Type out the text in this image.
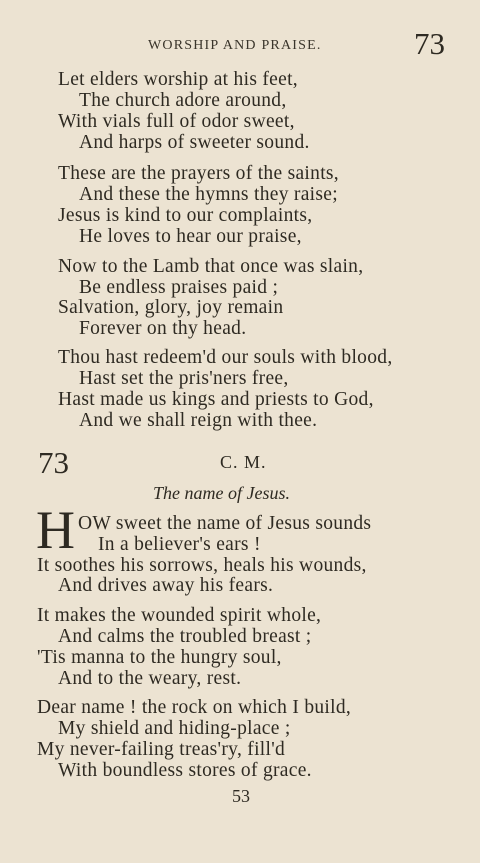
WORSHIP AND PRAISE.	73
Let elders worship at his feet,
The church adore around,
With vials full of odor sweet,
And harps of sweeter sound.
These are the prayers of the saints,
And these the hymns they raise;
Jesus is kind to our complaints,
He loves to hear our praise,
Now to the Lamb that once was slain,
Be endless praises paid ;
Salvation, glory, joy remain
Forever on thy head.
Thou hast redeem'd our souls with blood,
Hast set the pris'ners free,
Hast made us kings and priests to God,
And we shall reign with thee.
73	C. M.
The name of Jesus.
H OW sweet the name of Jesus sounds
In a believer's ears !
It soothes his sorrows, heals his wounds,
And drives away his fears.
It makes the wounded spirit whole,
And calms the troubled breast ;
'Tis manna to the hungry soul,
And to the weary, rest.
Dear name ! the rock on which I build,
My shield and hiding-place ;
My never-failing treas'ry, fill'd
With boundless stores of grace.
53
